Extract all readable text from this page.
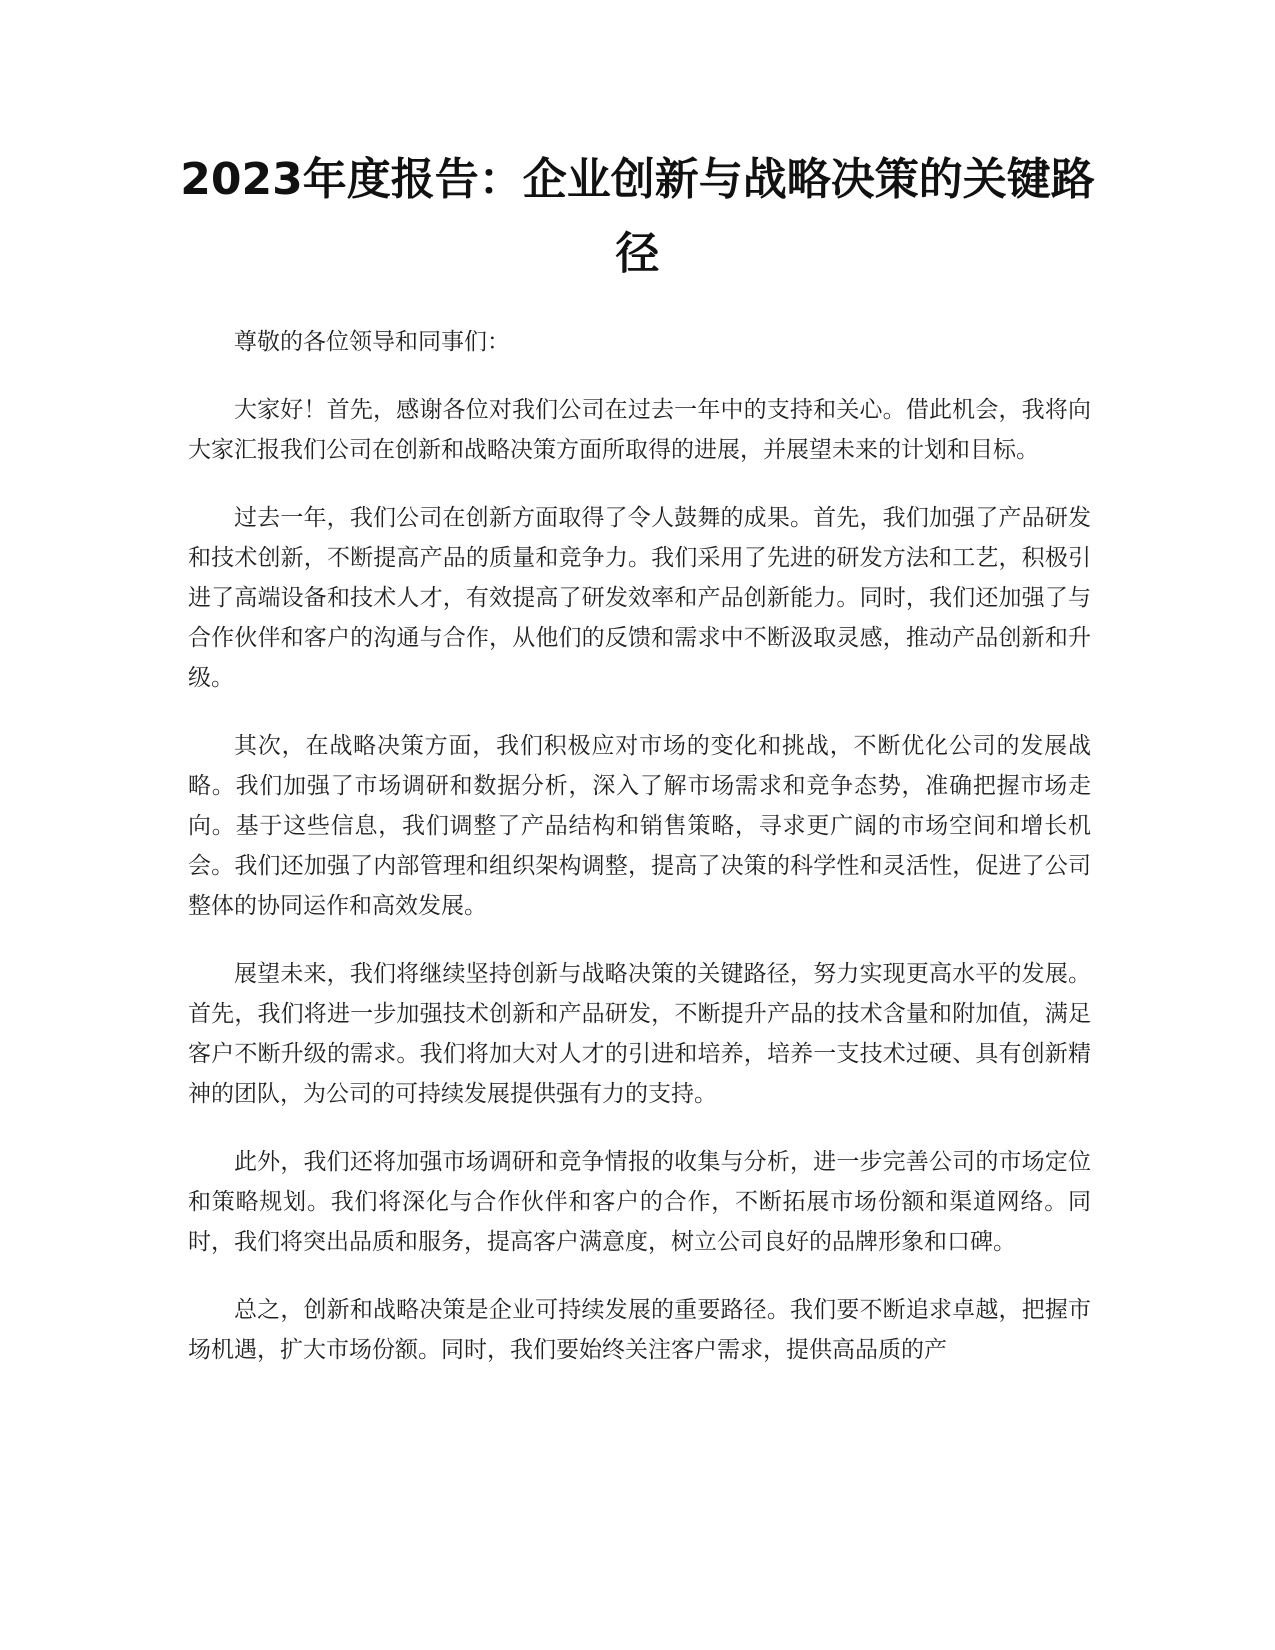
2023年度报告：企业创新与战略决策的关键路径

尊敬的各位领导和同事们：

大家好！首先，感谢各位对我们公司在过去一年中的支持和关心。借此机会，我将向大家汇报我们公司在创新和战略决策方面所取得的进展，并展望未来的计划和目标。

过去一年，我们公司在创新方面取得了令人鼓舞的成果。首先，我们加强了产品研发和技术创新，不断提高产品的质量和竞争力。我们采用了先进的研发方法和工艺，积极引进了高端设备和技术人才，有效提高了研发效率和产品创新能力。同时，我们还加强了与合作伙伴和客户的沟通与合作，从他们的反馈和需求中不断汲取灵感，推动产品创新和升级。

其次，在战略决策方面，我们积极应对市场的变化和挑战，不断优化公司的发展战略。我们加强了市场调研和数据分析，深入了解市场需求和竞争态势，准确把握市场走向。基于这些信息，我们调整了产品结构和销售策略，寻求更广阔的市场空间和增长机会。我们还加强了内部管理和组织架构调整，提高了决策的科学性和灵活性，促进了公司整体的协同运作和高效发展。

展望未来，我们将继续坚持创新与战略决策的关键路径，努力实现更高水平的发展。首先，我们将进一步加强技术创新和产品研发，不断提升产品的技术含量和附加值，满足客户不断升级的需求。我们将加大对人才的引进和培养，培养一支技术过硬、具有创新精神的团队，为公司的可持续发展提供强有力的支持。

此外，我们还将加强市场调研和竞争情报的收集与分析，进一步完善公司的市场定位和策略规划。我们将深化与合作伙伴和客户的合作，不断拓展市场份额和渠道网络。同时，我们将突出品质和服务，提高客户满意度，树立公司良好的品牌形象和口碑。

总之，创新和战略决策是企业可持续发展的重要路径。我们要不断追求卓越，把握市场机遇，扩大市场份额。同时，我们要始终关注客户需求，提供高品质的产
